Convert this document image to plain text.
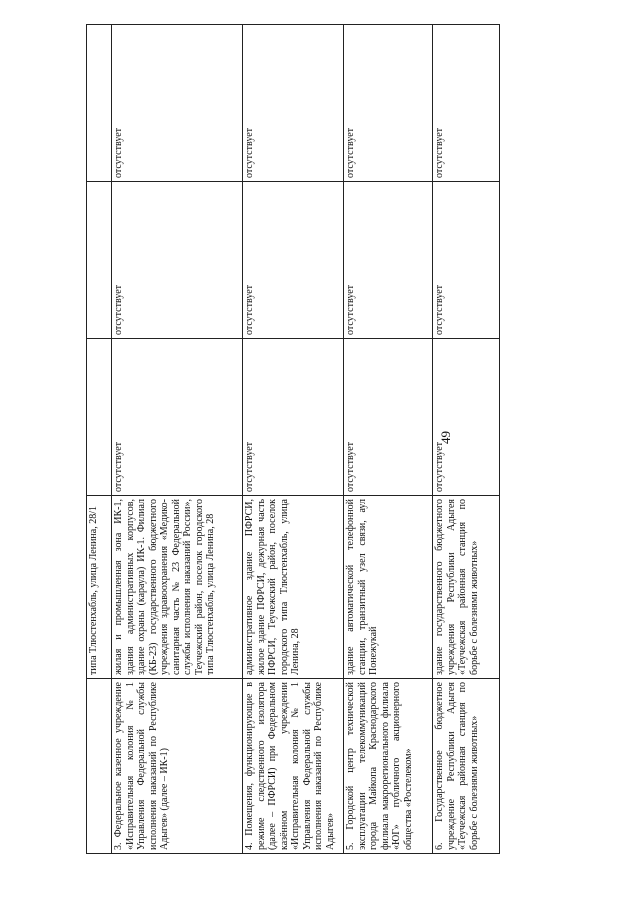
49
	типа Тлюстенхабль, улица Ленина, 28/1			
3. Федеральное казенное учреждение «Исправительная колония №1 Управления Федеральной службы исполнения наказаний по Республике Адыгея» (далее – ИК-1)	жилая и промышленная зона ИК-1, здания административных корпусов, здание охраны (караула) ИК-1. Филиал (КБ-23) государственного бюджетного учреждения здравоохранения «Медико-санитарная часть № 23 Федеральной службы исполнения наказаний России», Теучежский район, поселок городского типа Тлюстенхабль, улица Ленина, 28	отсутствует	отсутствует	отсутствует
4. Помещения, функционирующие в режиме следственного изолятора (далее – ПФРСИ) при Федеральном казённом учреждении «Исправительная колония № 1 Управления Федеральной службы исполнения наказаний по Республике Адыгея»	административное здание ПФРСИ, жилое здание ПФРСИ, дежурная часть ПФРСИ, Теучежский район, поселок городского типа Тлюстенхабль, улица Ленина, 28	отсутствует	отсутствует	отсутствует
5. Городской центр технической эксплуатации телекоммуникаций города Майкопа Краснодарского филиала макрорегионального филиала «ЮГ» публичного акционерного общества «Ростелеком»	здание автоматической телефонной станции, транзитный узел связи, аул Понежукай	отсутствует	отсутствует	отсутствует
6. Государственное бюджетное учреждение Республики Адыгея «Теучежская районная станция по борьбе с болезнями животных»	здание государственного бюджетного учреждения Республики Адыгея «Теучежская районная станция по борьбе с болезнями животных»	отсутствует	отсутствует	отсутствует
